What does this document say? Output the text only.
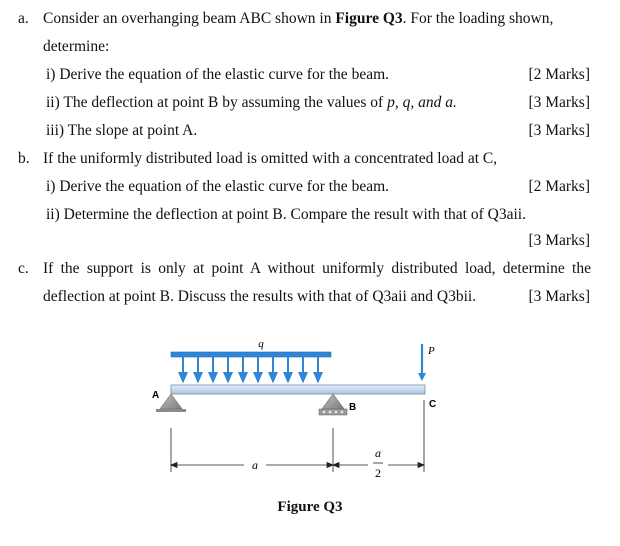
a. Consider an overhanging beam ABC shown in Figure Q3. For the loading shown,
determine:
i) Derive the equation of the elastic curve for the beam.	[2 Marks]
ii) The deflection at point B by assuming the values of p, q, and a.	[3 Marks]
iii) The slope at point A.	[3 Marks]
b. If the uniformly distributed load is omitted with a concentrated load at C,
i) Derive the equation of the elastic curve for the beam.	[2 Marks]
ii) Determine the deflection at point B. Compare the result with that of Q3aii.
[3 Marks]
c. If the support is only at point A without uniformly distributed load, determine the
deflection at point B. Discuss the results with that of Q3aii and Q3bii.	[3 Marks]
q
P
A
B	C
a
a
2
Figure Q3
